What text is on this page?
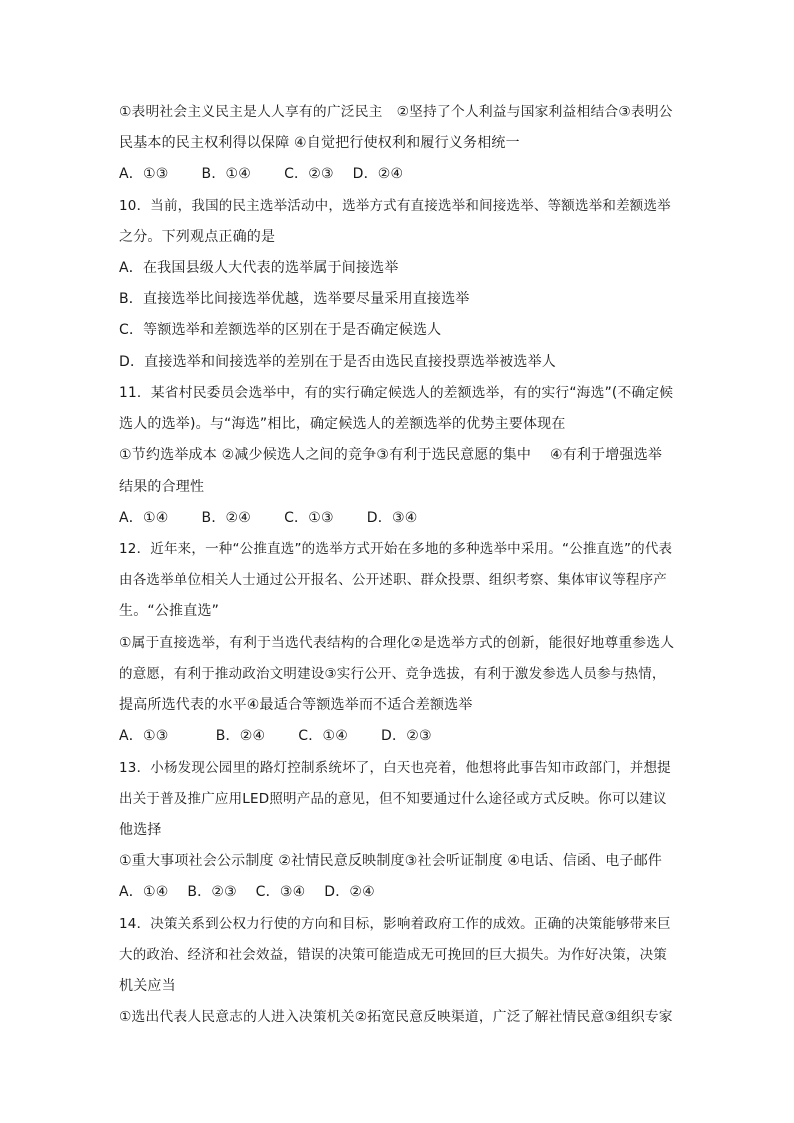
①表明社会主义民主是人人享有的广泛民主　②坚持了个人利益与国家利益相结合③表明公

民基本的民主权利得以保障 ④自觉把行使权利和履行义务相统一

A．①③　　 B．①④　　 C．②③　 D．②④

10．当前，我国的民主选举活动中，选举方式有直接选举和间接选举、等额选举和差额选举

之分。下列观点正确的是

A．在我国县级人大代表的选举属于间接选举

B．直接选举比间接选举优越，选举要尽量采用直接选举

C．等额选举和差额选举的区别在于是否确定候选人

D．直接选举和间接选举的差别在于是否由选民直接投票选举被选举人

11．某省村民委员会选举中，有的实行确定候选人的差额选举，有的实行“海选”(不确定候

选人的选举)。与“海选”相比，确定候选人的差额选举的优势主要体现在

①节约选举成本 ②减少候选人之间的竞争③有利于选民意愿的集中　 ④有利于增强选举

结果的合理性

A．①④　　 B．②④　　 C．①③　　 D．③④

12．近年来，一种“公推直选”的选举方式开始在多地的多种选举中采用。“公推直选”的代表

由各选举单位相关人士通过公开报名、公开述职、群众投票、组织考察、集体审议等程序产

生。“公推直选”

①属于直接选举，有利于当选代表结构的合理化②是选举方式的创新，能很好地尊重参选人

的意愿，有利于推动政治文明建设③实行公开、竞争选拔，有利于激发参选人员参与热情，

提高所选代表的水平④最适合等额选举而不适合差额选举

A．①③　　　 B．②④　　 C．①④　　 D．②③

13．小杨发现公园里的路灯控制系统坏了，白天也亮着，他想将此事告知市政部门，并想提

出关于普及推广应用LED照明产品的意见，但不知要通过什么途径或方式反映。你可以建议

他选择

①重大事项社会公示制度 ②社情民意反映制度③社会听证制度 ④电话、信函、电子邮件

A．①④　 B．②③　 C．③④　 D．②④

14．决策关系到公权力行使的方向和目标，影响着政府工作的成效。正确的决策能够带来巨

大的政治、经济和社会效益，错误的决策可能造成无可挽回的巨大损失。为作好决策，决策

机关应当

①选出代表人民意志的人进入决策机关②拓宽民意反映渠道，广泛了解社情民意③组织专家
